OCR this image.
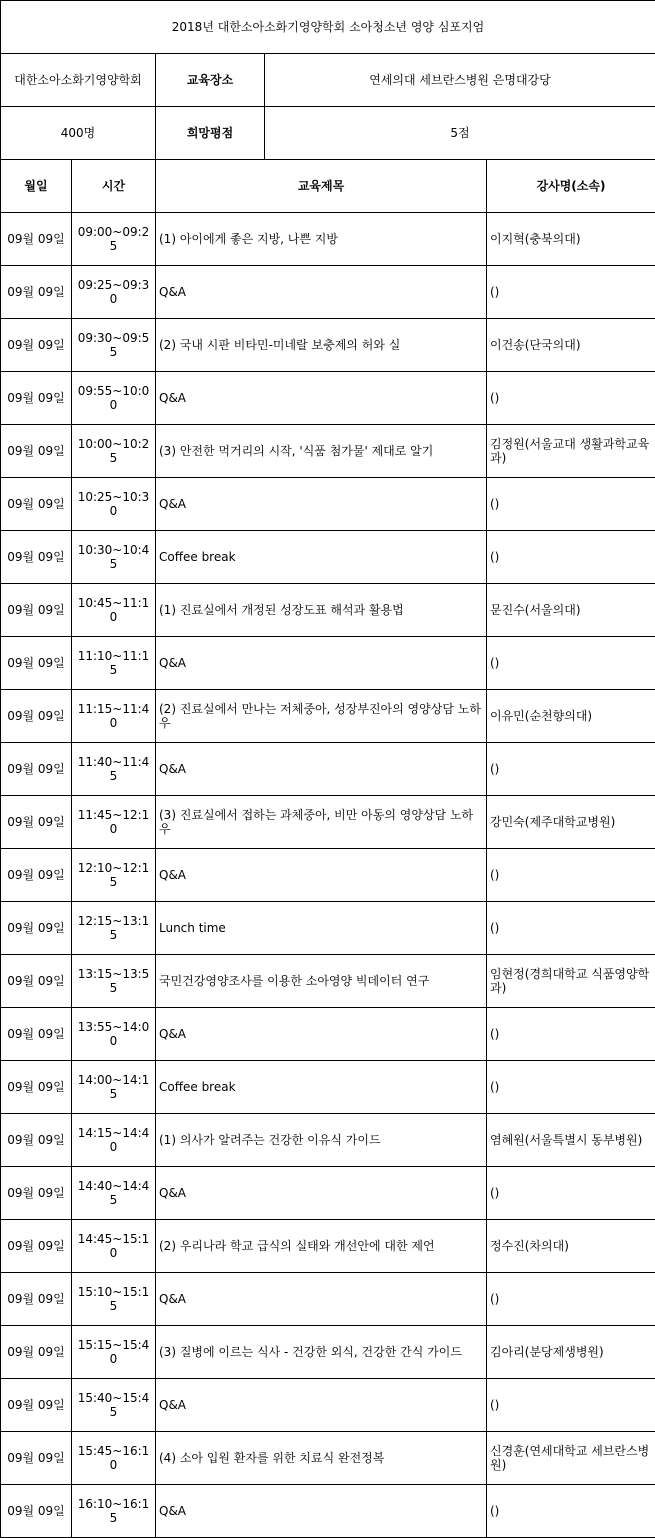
2018년 대한소아소화기영양학회 소아청소년 영양 심포지엄				
대한소아소화기영양학회		교육장소	연세의대 세브란스병원 은명대강당	
400명		희망평점	5점	
월일	시간	교육제목		강사명(소속)
09월 09일	09:00~09:25	(1) 아이에게 좋은 지방, 나쁜 지방		이지혁(충북의대)
09월 09일	09:25~09:30	Q&A		()
09월 09일	09:30~09:55	(2) 국내 시판 비타민-미네랄 보충제의 허와 실		이건송(단국의대)
09월 09일	09:55~10:00	Q&A		()
09월 09일	10:00~10:25	(3) 안전한 먹거리의 시작, '식품 첨가물' 제대로 알기		김정원(서울교대 생활과학교육과)
09월 09일	10:25~10:30	Q&A		()
09월 09일	10:30~10:45	Coffee break		()
09월 09일	10:45~11:10	(1) 진료실에서 개정된 성장도표 해석과 활용법		문진수(서울의대)
09월 09일	11:10~11:15	Q&A		()
09월 09일	11:15~11:40	(2) 진료실에서 만나는 저체중아, 성장부진아의 영양상담 노하우		이유민(순천향의대)
09월 09일	11:40~11:45	Q&A		()
09월 09일	11:45~12:10	(3) 진료실에서 접하는 과체중아, 비만 아동의 영양상담 노하우		강민숙(제주대학교병원)
09월 09일	12:10~12:15	Q&A		()
09월 09일	12:15~13:15	Lunch time		()
09월 09일	13:15~13:55	국민건강영양조사를 이용한 소아영양 빅데이터 연구		임현정(경희대학교 식품영양학과)
09월 09일	13:55~14:00	Q&A		()
09월 09일	14:00~14:15	Coffee break		()
09월 09일	14:15~14:40	(1) 의사가 알려주는 건강한 이유식 가이드		염혜원(서울특별시 동부병원)
09월 09일	14:40~14:45	Q&A		()
09월 09일	14:45~15:10	(2) 우리나라 학교 급식의 실태와 개선안에 대한 제언		정수진(차의대)
09월 09일	15:10~15:15	Q&A		()
09월 09일	15:15~15:40	(3) 질병에 이르는 식사 - 건강한 외식, 건강한 간식 가이드		김아리(분당제생병원)
09월 09일	15:40~15:45	Q&A		()
09월 09일	15:45~16:10	(4) 소아 입원 환자를 위한 치료식 완전정복		신경훈(연세대학교 세브란스병원)
09월 09일	16:10~16:15	Q&A		()
